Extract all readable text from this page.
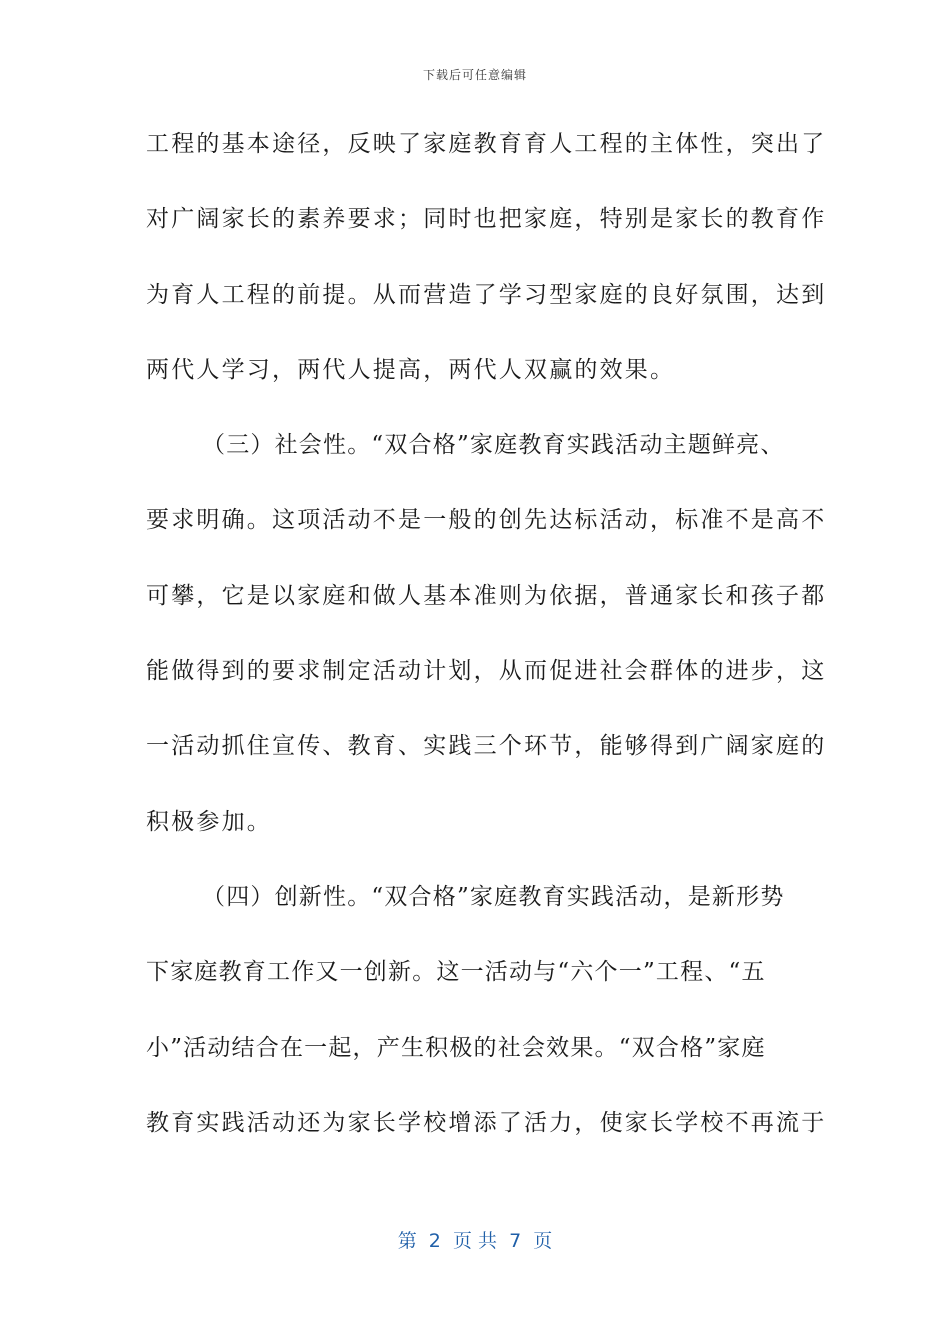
下载后可任意编辑
工程的基本途径，反映了家庭教育育人工程的主体性，突出了
对广阔家长的素养要求；同时也把家庭，特别是家长的教育作
为育人工程的前提。从而营造了学习型家庭的良好氛围，达到
两代人学习，两代人提高，两代人双赢的效果。
（三）社会性。“双合格”家庭教育实践活动主题鲜亮、
要求明确。这项活动不是一般的创先达标活动，标准不是高不
可攀，它是以家庭和做人基本准则为依据，普通家长和孩子都
能做得到的要求制定活动计划，从而促进社会群体的进步，这
一活动抓住宣传、教育、实践三个环节，能够得到广阔家庭的
积极参加。
（四）创新性。“双合格”家庭教育实践活动，是新形势
下家庭教育工作又一创新。这一活动与“六个一”工程、“五
小”活动结合在一起，产生积极的社会效果。“双合格”家庭
教育实践活动还为家长学校增添了活力，使家长学校不再流于
第  2  页 共  7  页
